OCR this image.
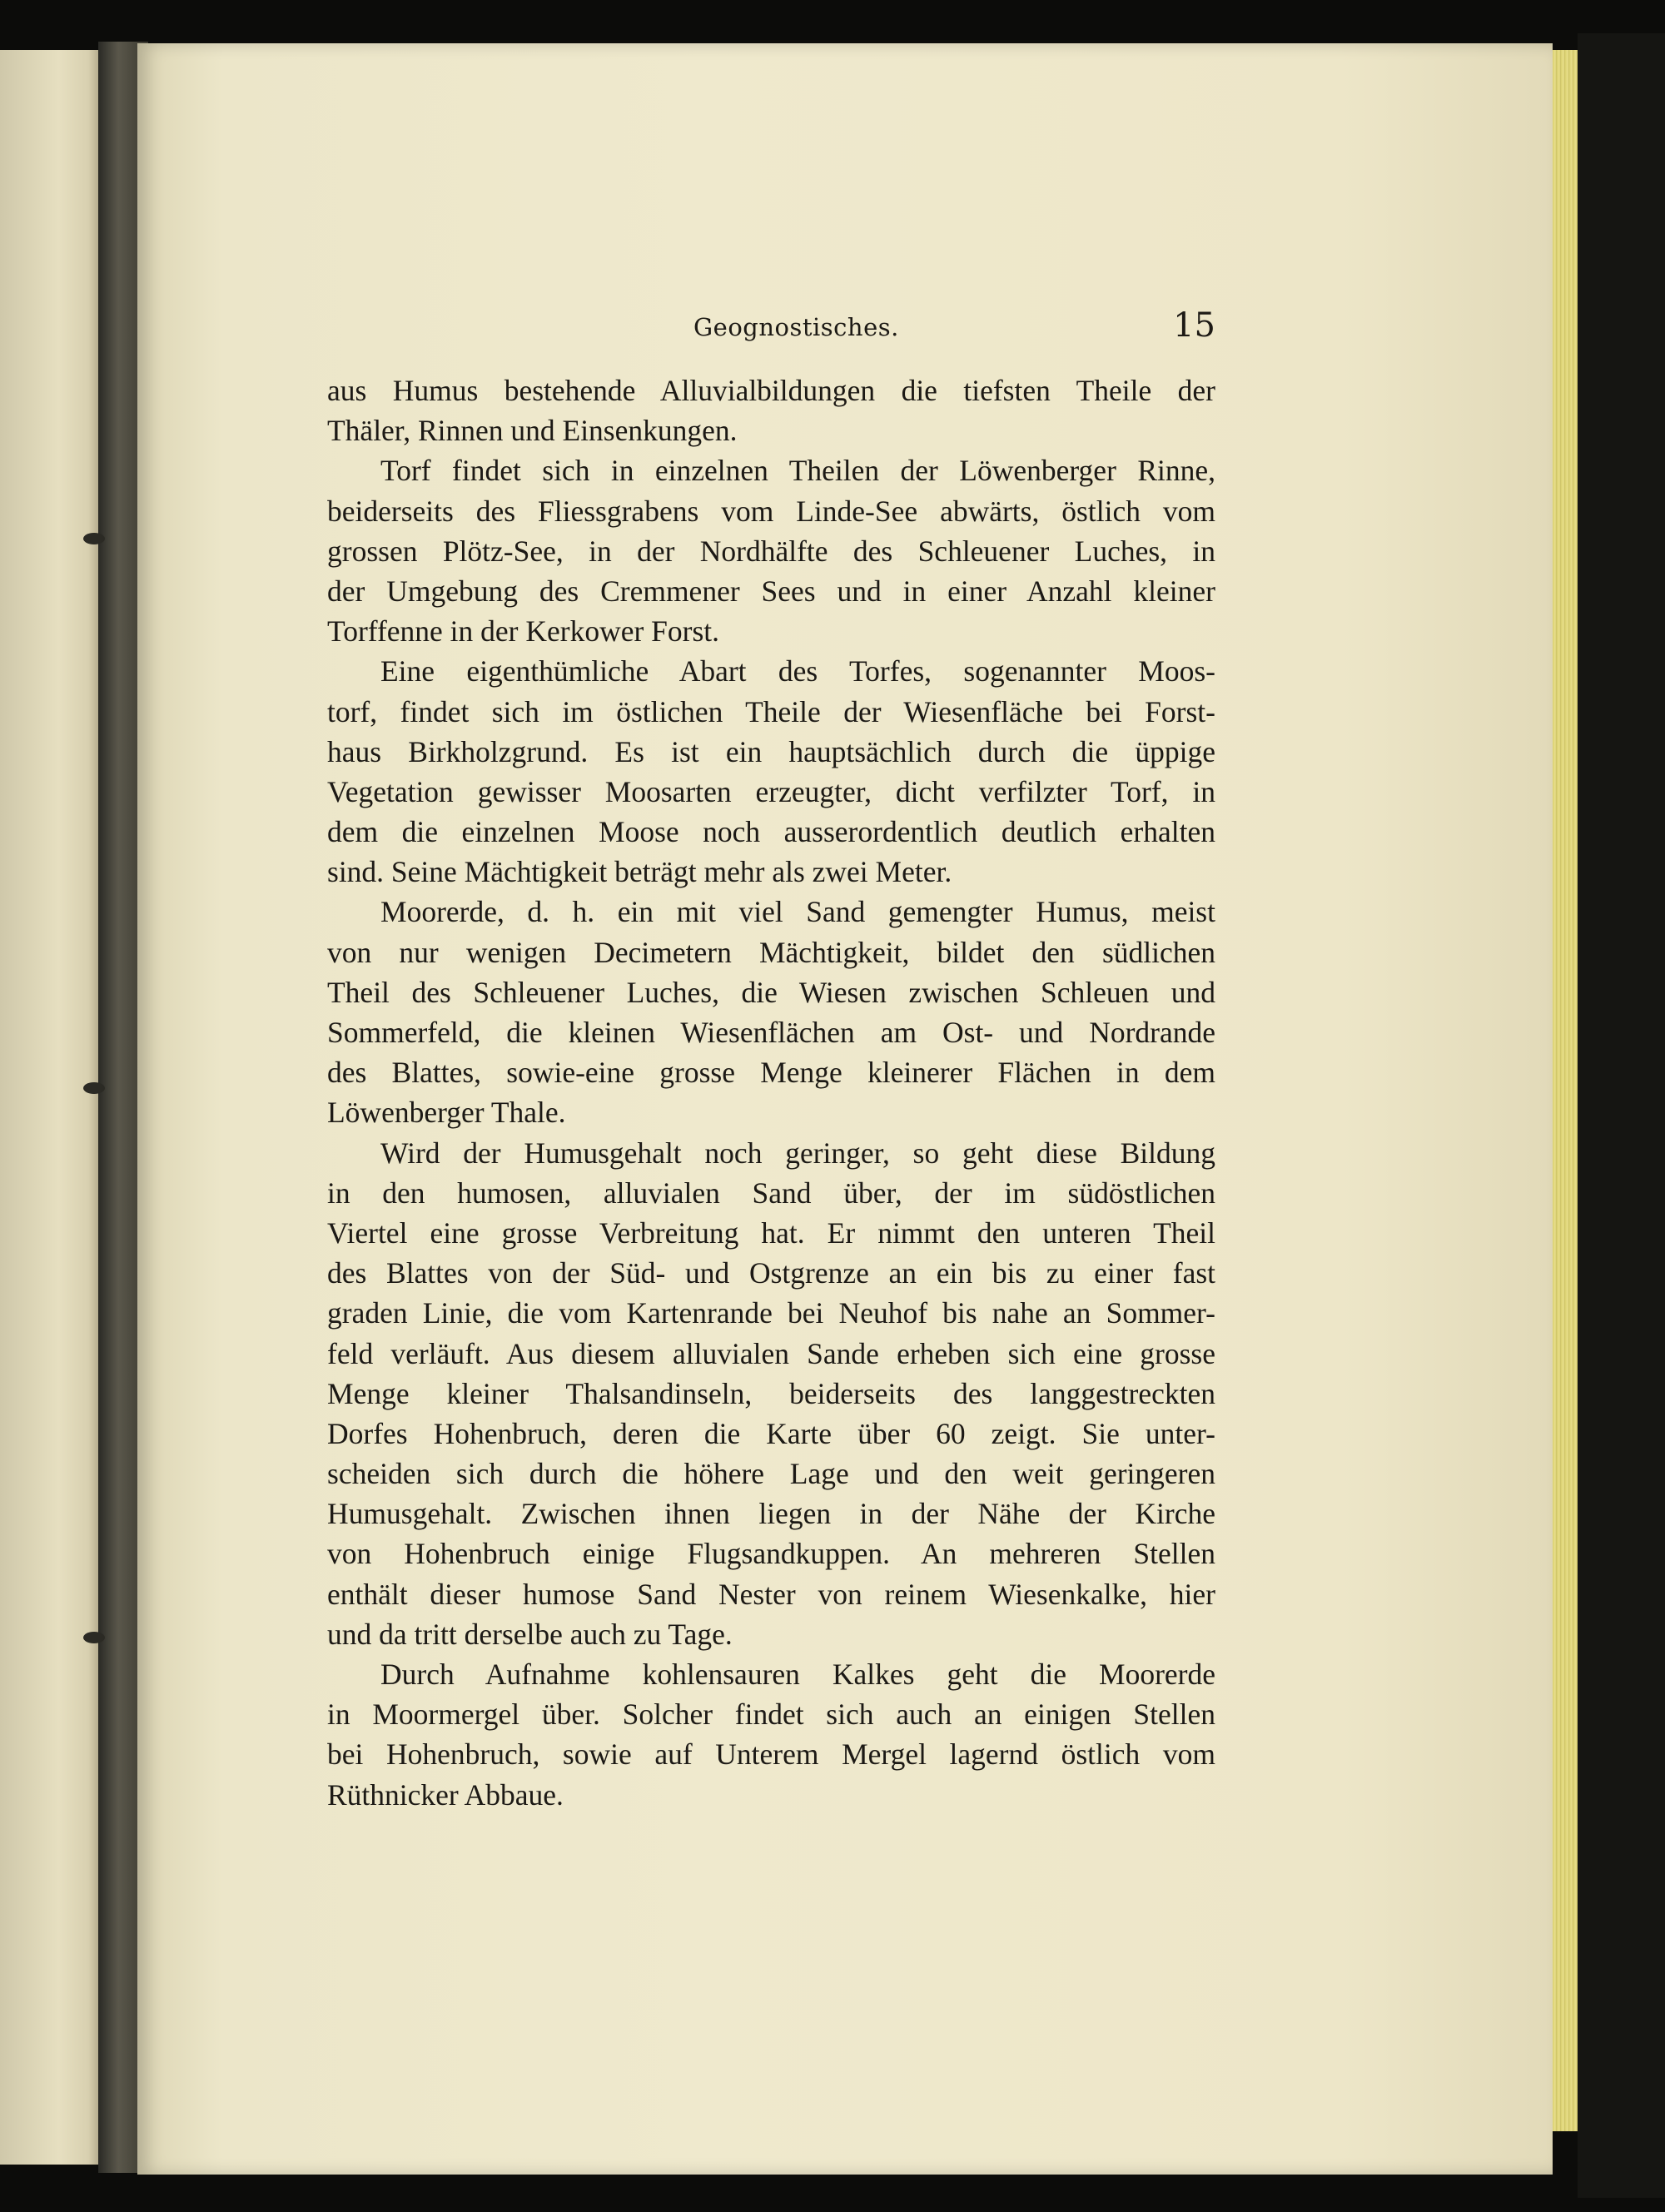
Geognostisches.	15

aus Humus bestehende Alluvialbildungen die tiefsten Theile der
Thäler, Rinnen und Einsenkungen.

Torf findet sich in einzelnen Theilen der Löwenberger Rinne,
beiderseits des Fliessgrabens vom Linde-See abwärts, östlich vom
grossen Plötz-See, in der Nordhälfte des Schleuener Luches, in
der Umgebung des Cremmener Sees und in einer Anzahl kleiner
Torffenne in der Kerkower Forst.

Eine eigenthümliche Abart des Torfes, sogenannter Moos-
torf, findet sich im östlichen Theile der Wiesenfläche bei Forst-
haus Birkholzgrund. Es ist ein hauptsächlich durch die üppige
Vegetation gewisser Moosarten erzeugter, dicht verfilzter Torf, in
dem die einzelnen Moose noch ausserordentlich deutlich erhalten
sind. Seine Mächtigkeit beträgt mehr als zwei Meter.

Moorerde, d. h. ein mit viel Sand gemengter Humus, meist
von nur wenigen Decimetern Mächtigkeit, bildet den südlichen
Theil des Schleuener Luches, die Wiesen zwischen Schleuen und
Sommerfeld, die kleinen Wiesenflächen am Ost- und Nordrande
des Blattes, sowie-eine grosse Menge kleinerer Flächen in dem
Löwenberger Thale.

Wird der Humusgehalt noch geringer, so geht diese Bildung
in den humosen, alluvialen Sand über, der im südöstlichen
Viertel eine grosse Verbreitung hat. Er nimmt den unteren Theil
des Blattes von der Süd- und Ostgrenze an ein bis zu einer fast
graden Linie, die vom Kartenrande bei Neuhof bis nahe an Sommer-
feld verläuft. Aus diesem alluvialen Sande erheben sich eine grosse
Menge kleiner Thalsandinseln, beiderseits des langgestreckten
Dorfes Hohenbruch, deren die Karte über 60 zeigt. Sie unter-
scheiden sich durch die höhere Lage und den weit geringeren
Humusgehalt. Zwischen ihnen liegen in der Nähe der Kirche
von Hohenbruch einige Flugsandkuppen. An mehreren Stellen
enthält dieser humose Sand Nester von reinem Wiesenkalke, hier
und da tritt derselbe auch zu Tage.

Durch Aufnahme kohlensauren Kalkes geht die Moorerde
in Moormergel über. Solcher findet sich auch an einigen Stellen
bei Hohenbruch, sowie auf Unterem Mergel lagernd östlich vom
Rüthnicker Abbaue.
